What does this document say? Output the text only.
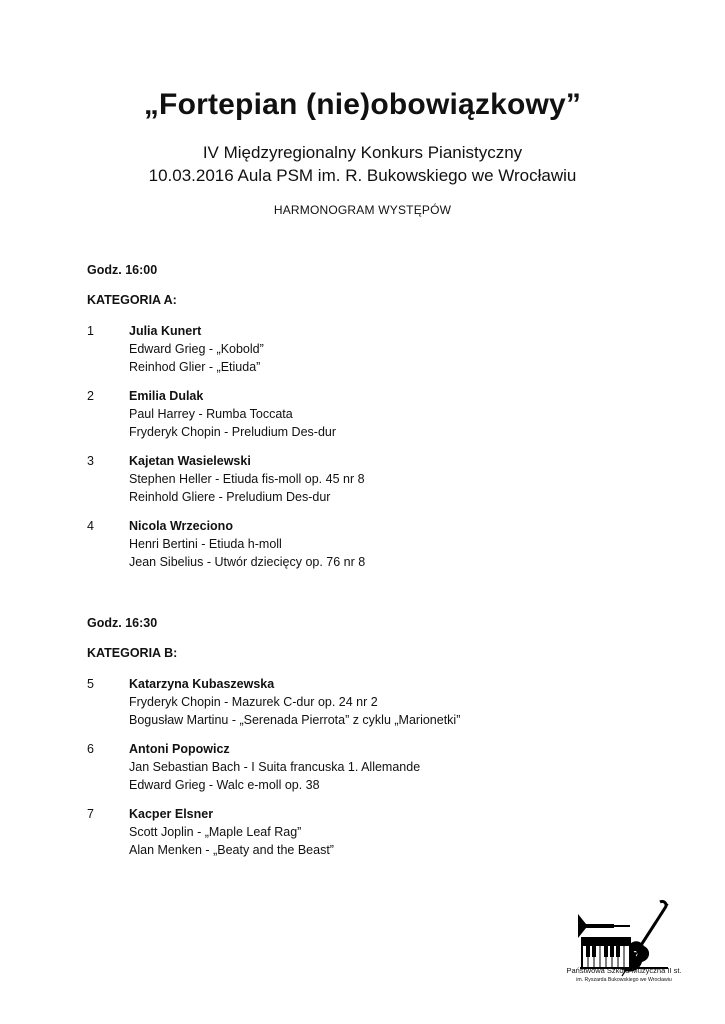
„Fortepian (nie)obowiązkowy”
IV Międzyregionalny Konkurs Pianistyczny
10.03.2016 Aula PSM im. R. Bukowskiego we Wrocławiu
HARMONOGRAM WYSTĘPÓW
Godz. 16:00
KATEGORIA A:
1	Julia Kunert
Edward Grieg - „Kobold”
Reinhod Glier - „Etiuda”
2	Emilia Dulak
Paul Harrey - Rumba Toccata
Fryderyk Chopin - Preludium Des-dur
3	Kajetan Wasielewski
Stephen Heller - Etiuda fis-moll op. 45 nr 8
Reinhold Gliere - Preludium Des-dur
4	Nicola Wrzeciono
Henri Bertini - Etiuda h-moll
Jean Sibelius - Utwór dziecięcy op. 76 nr 8
Godz. 16:30
KATEGORIA B:
5	Katarzyna Kubaszewska
Fryderyk Chopin - Mazurek C-dur op. 24 nr 2
Bogusław Martinu - „Serenada Pierrota” z cyklu „Marionetki”
6	Antoni Popowicz
Jan Sebastian Bach - I Suita francuska 1. Allemande
Edward Grieg - Walc e-moll op. 38
7	Kacper Elsner
Scott Joplin - „Maple Leaf Rag”
Alan Menken - „Beaty and the Beast”
Państwowa Szkoła Muzyczna II st.
im. Ryszarda Bukowskiego we Wrocławiu
